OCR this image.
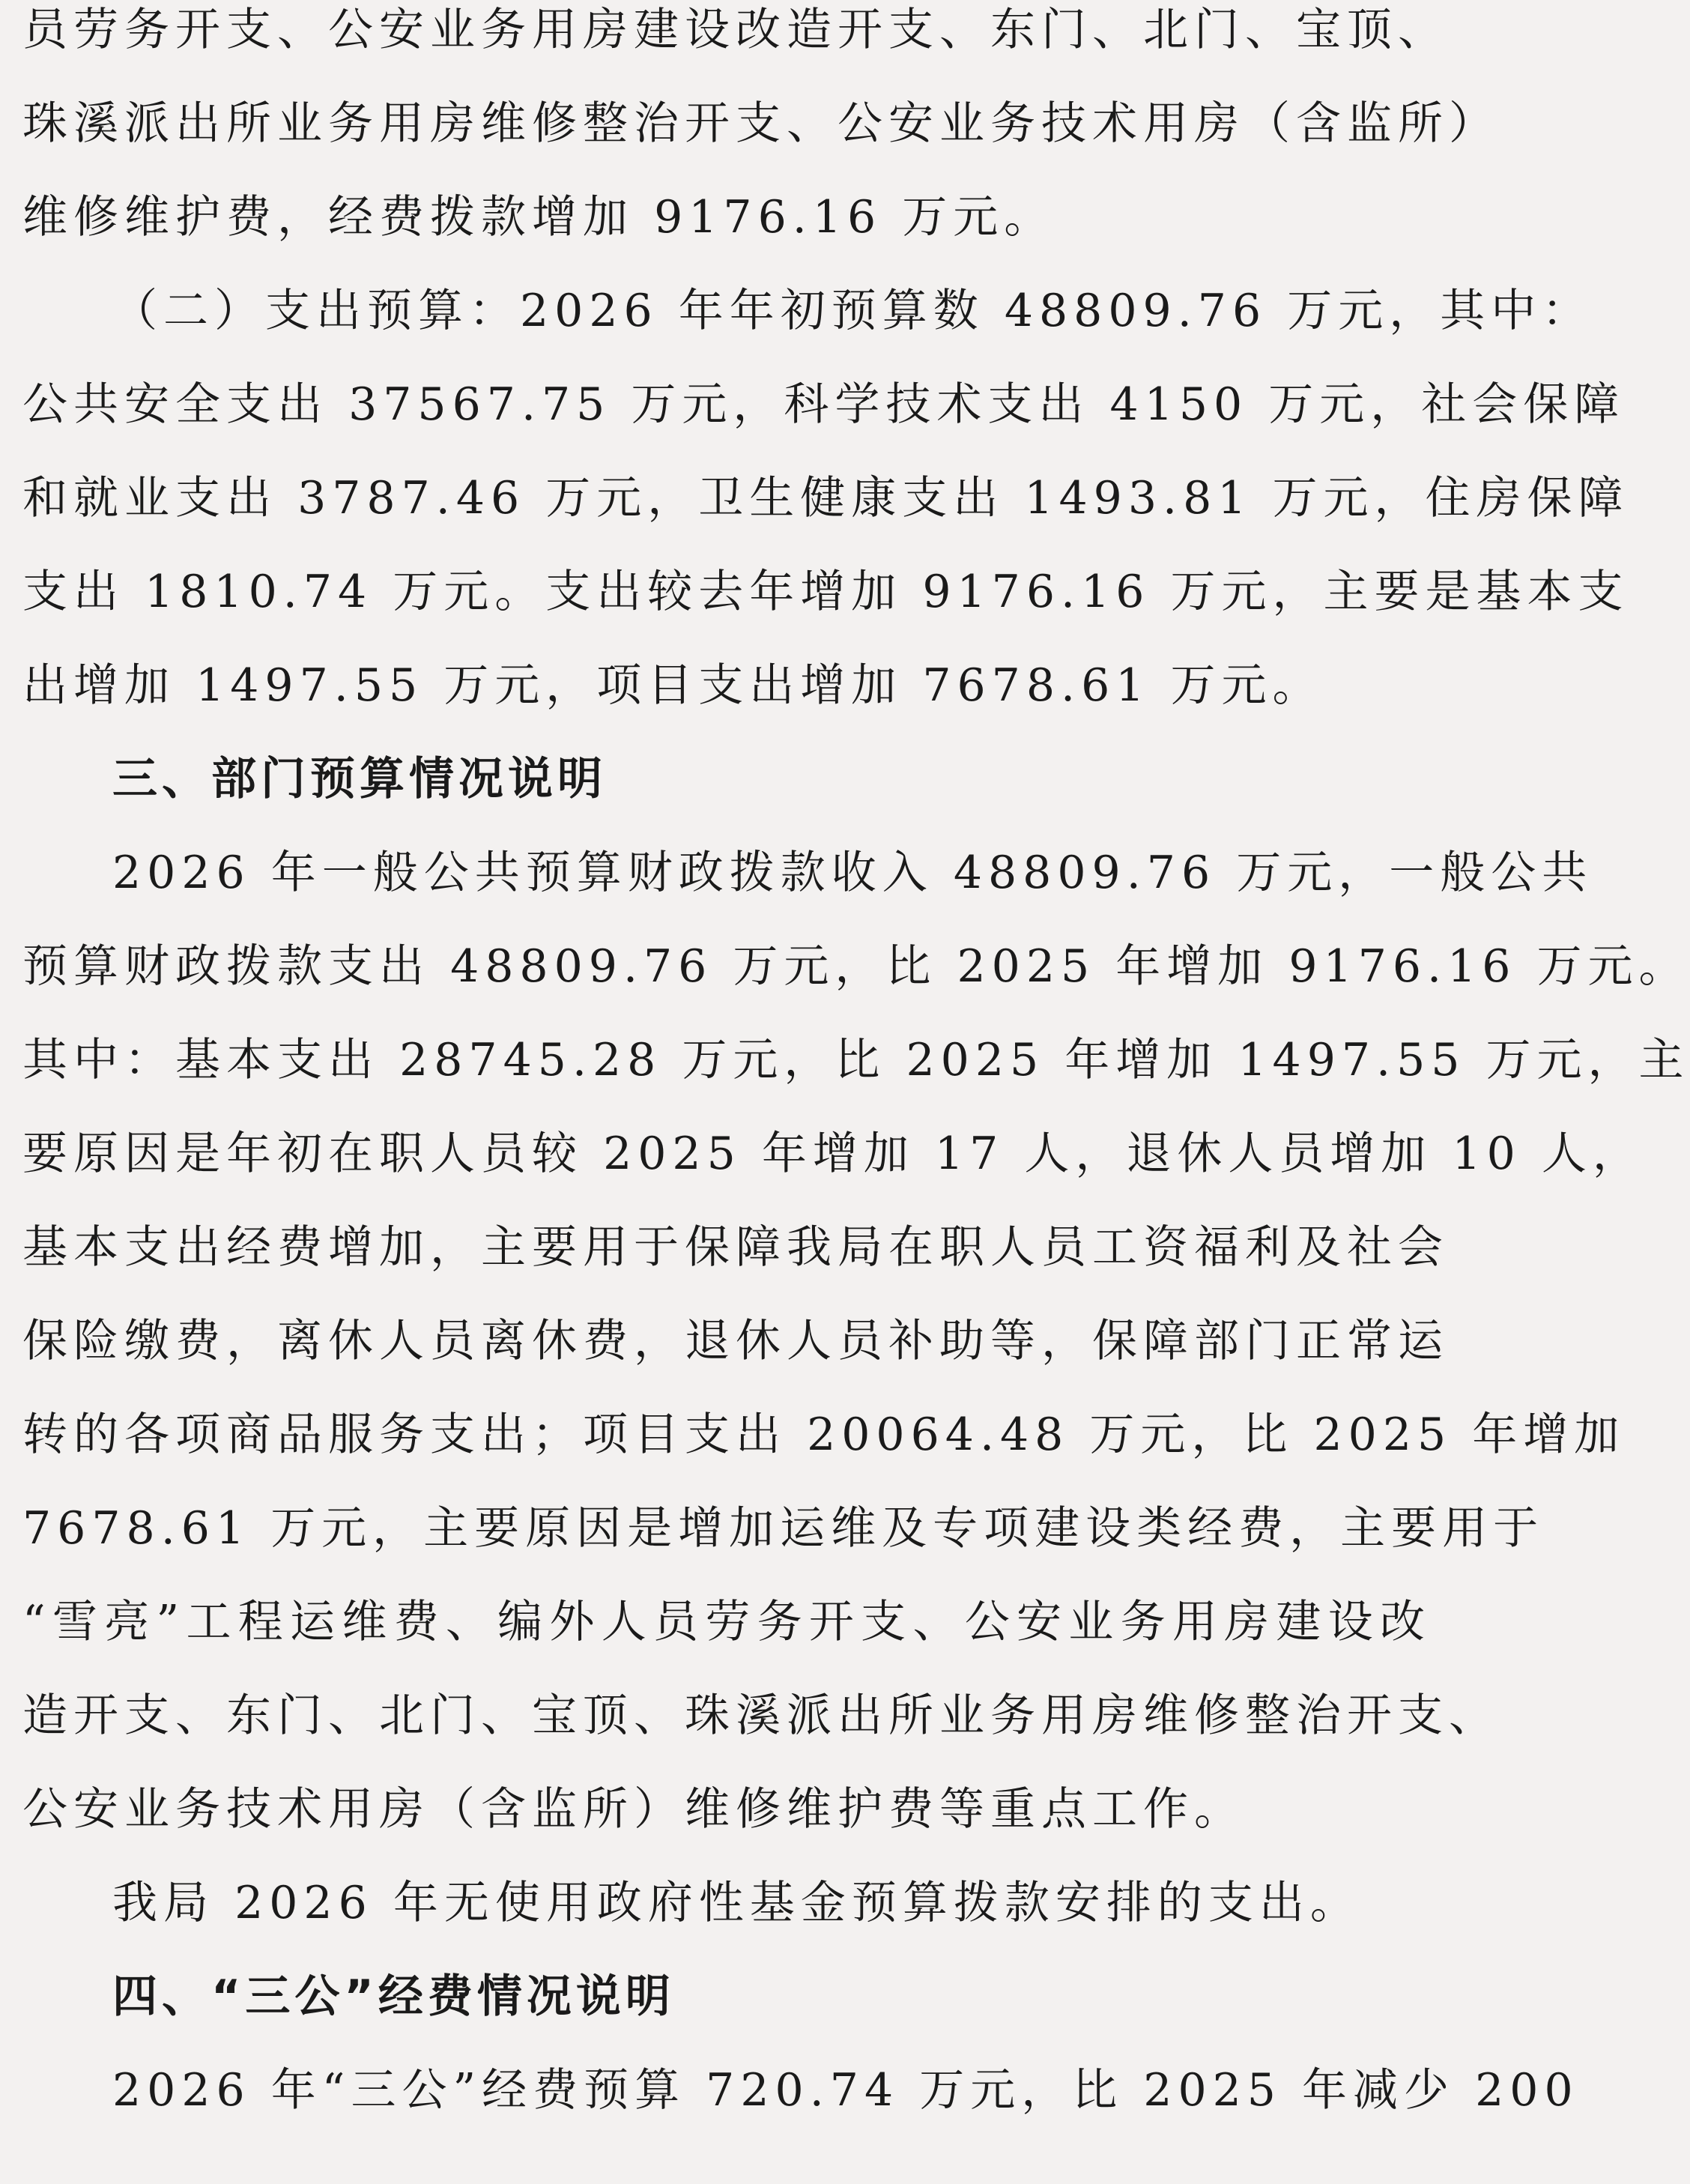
员劳务开支、公安业务用房建设改造开支、东门、北门、宝顶、
珠溪派出所业务用房维修整治开支、公安业务技术用房（含监所）
维修维护费，经费拨款增加 9176.16 万元。
（二）支出预算：2026 年年初预算数 48809.76 万元，其中：
公共安全支出 37567.75 万元，科学技术支出 4150 万元，社会保障
和就业支出 3787.46 万元，卫生健康支出 1493.81 万元，住房保障
支出 1810.74 万元。支出较去年增加 9176.16 万元，主要是基本支
出增加 1497.55 万元，项目支出增加 7678.61 万元。
三、部门预算情况说明
2026 年一般公共预算财政拨款收入 48809.76 万元，一般公共
预算财政拨款支出 48809.76 万元，比 2025 年增加 9176.16 万元。
其中：基本支出 28745.28 万元，比 2025 年增加 1497.55 万元，主
要原因是年初在职人员较 2025 年增加 17 人，退休人员增加 10 人，
基本支出经费增加，主要用于保障我局在职人员工资福利及社会
保险缴费，离休人员离休费，退休人员补助等，保障部门正常运
转的各项商品服务支出；项目支出 20064.48 万元，比 2025 年增加
7678.61 万元，主要原因是增加运维及专项建设类经费，主要用于
“雪亮”工程运维费、编外人员劳务开支、公安业务用房建设改
造开支、东门、北门、宝顶、珠溪派出所业务用房维修整治开支、
公安业务技术用房（含监所）维修维护费等重点工作。
我局 2026 年无使用政府性基金预算拨款安排的支出。
四、“三公”经费情况说明
2026 年“三公”经费预算 720.74 万元，比 2025 年减少 200
